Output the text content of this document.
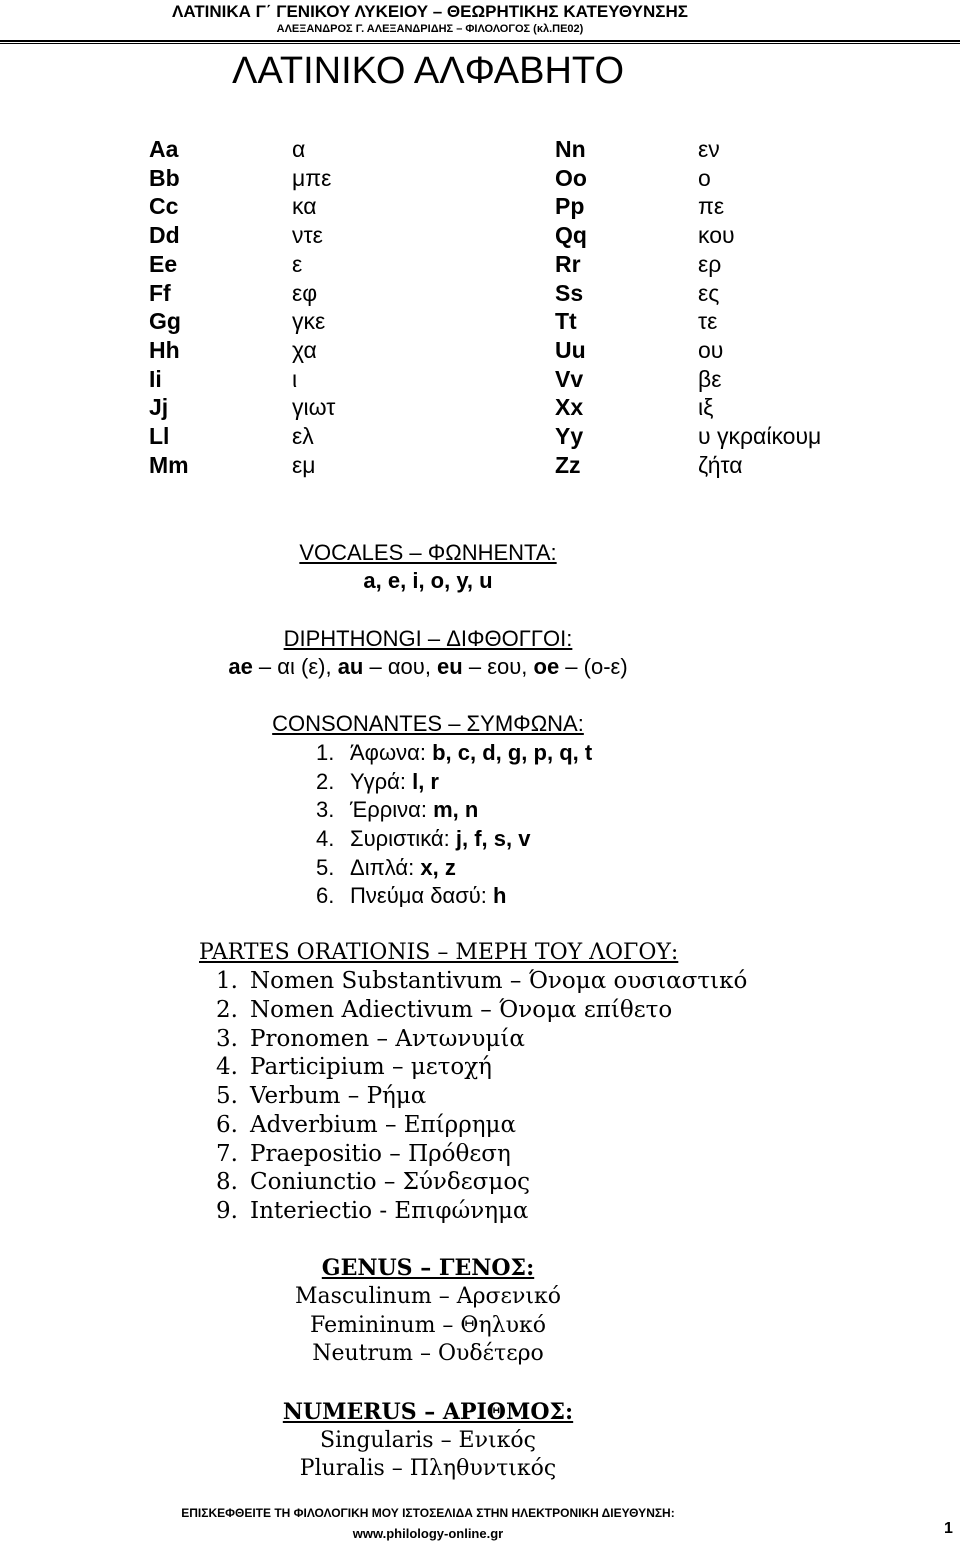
ΛΑΤΙΝΙΚΑ Γ΄ ΓΕΝΙΚΟΥ ΛΥΚΕΙΟΥ – ΘΕΩΡΗΤΙΚΗΣ ΚΑΤΕΥΘΥΝΣΗΣ
ΑΛΕΞΑΝΔΡΟΣ Γ. ΑΛΕΞΑΝΔΡΙΔΗΣ – ΦΙΛΟΛΟΓΟΣ (κλ.ΠΕ02)
ΛΑΤΙΝΙΚΟ ΑΛΦΑΒΗΤΟ
Aa	α	Nn	εν
Bb	μπε	Oo	ο
Cc	κα	Pp	πε
Dd	ντε	Qq	κου
Ee	ε	Rr	ερ
Ff	εφ	Ss	ες
Gg	γκε	Tt	τε
Hh	χα	Uu	ου
Ii	ι	Vv	βε
Jj	γιωτ	Xx	ιξ
Ll	ελ	Yy	υ γκραίκουμ
Mm	εμ	Zz	ζήτα
VOCALES – ΦΩΝΗΕΝΤΑ:
a, e, i, o, y, u
DIPHTHONGI – ΔΙΦΘΟΓΓΟΙ:
ae – αι (ε), au – αου, eu – εου, oe – (ο-ε)
CONSONANTES – ΣΥΜΦΩΝΑ:
1. Άφωνα: b, c, d, g, p, q, t
2. Υγρά: l, r
3. Έρρινα: m, n
4. Συριστικά: j, f, s, v
5. Διπλά: x, z
6. Πνεύμα δασύ: h
PARTES ORATIONIS – ΜΕΡΗ ΤΟΥ ΛΟΓΟΥ:
1. Nomen Substantivum – Όνομα ουσιαστικό
2. Nomen Adiectivum – Όνομα επίθετο
3. Pronomen – Αντωνυμία
4. Participium – μετοχή
5. Verbum – Ρήμα
6. Adverbium – Επίρρημα
7. Praepositio – Πρόθεση
8. Coniunctio – Σύνδεσμος
9. Interiectio - Επιφώνημα
GENUS – ΓΕΝΟΣ:
Masculinum – Αρσενικό
Femininum – Θηλυκό
Neutrum – Ουδέτερο
NUMERUS – ΑΡΙΘΜΟΣ:
Singularis – Ενικός
Pluralis – Πληθυντικός
ΕΠΙΣΚΕΦΘΕΙΤΕ ΤΗ ΦΙΛΟΛΟΓΙΚΗ ΜΟΥ ΙΣΤΟΣΕΛΙΔΑ ΣΤΗΝ ΗΛΕΚΤΡΟΝΙΚΗ ΔΙΕΥΘΥΝΣΗ:
www.philology-online.gr	1
